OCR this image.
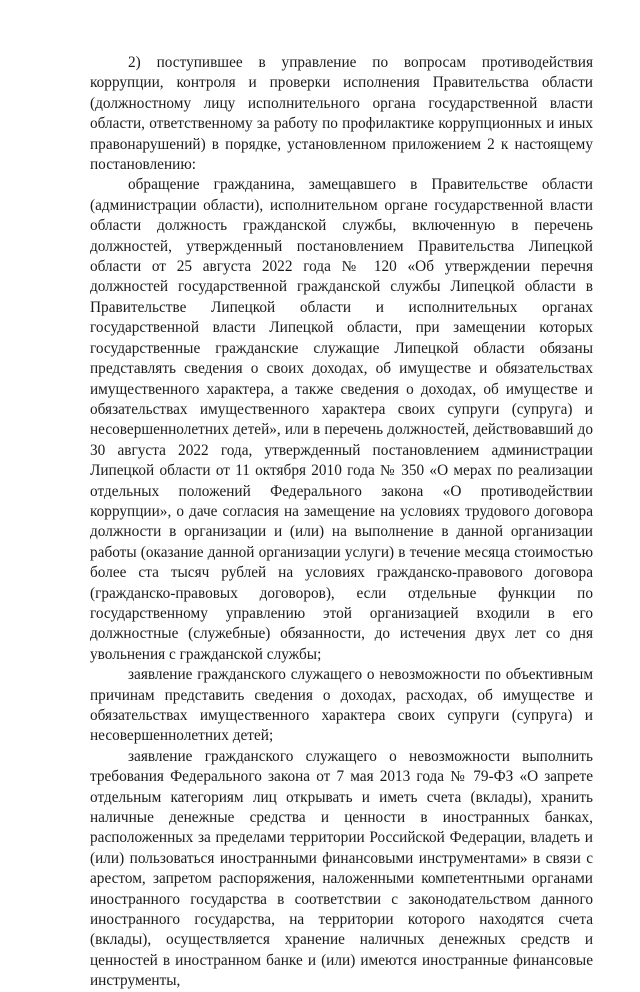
2) поступившее в управление по вопросам противодействия коррупции, контроля и проверки исполнения Правительства области (должностному лицу исполнительного органа государственной власти области, ответственному за работу по профилактике коррупционных и иных правонарушений) в порядке, установленном приложением 2 к настоящему постановлению:

обращение гражданина, замещавшего в Правительстве области (администрации области), исполнительном органе государственной власти области должность гражданской службы, включенную в перечень должностей, утвержденный постановлением Правительства Липецкой области от 25 августа 2022 года № 120 «Об утверждении перечня должностей государственной гражданской службы Липецкой области в Правительстве Липецкой области и исполнительных органах государственной власти Липецкой области, при замещении которых государственные гражданские служащие Липецкой области обязаны представлять сведения о своих доходах, об имуществе и обязательствах имущественного характера, а также сведения о доходах, об имуществе и обязательствах имущественного характера своих супруги (супруга) и несовершеннолетних детей», или в перечень должностей, действовавший до 30 августа 2022 года, утвержденный постановлением администрации Липецкой области от 11 октября 2010 года № 350 «О мерах по реализации отдельных положений Федерального закона «О противодействии коррупции», о даче согласия на замещение на условиях трудового договора должности в организации и (или) на выполнение в данной организации работы (оказание данной организации услуги) в течение месяца стоимостью более ста тысяч рублей на условиях гражданско-правового договора (гражданско-правовых договоров), если отдельные функции по государственному управлению этой организацией входили в его должностные (служебные) обязанности, до истечения двух лет со дня увольнения с гражданской службы;

заявление гражданского служащего о невозможности по объективным причинам представить сведения о доходах, расходах, об имуществе и обязательствах имущественного характера своих супруги (супруга) и несовершеннолетних детей;

заявление гражданского служащего о невозможности выполнить требования Федерального закона от 7 мая 2013 года № 79-ФЗ «О запрете отдельным категориям лиц открывать и иметь счета (вклады), хранить наличные денежные средства и ценности в иностранных банках, расположенных за пределами территории Российской Федерации, владеть и (или) пользоваться иностранными финансовыми инструментами» в связи с арестом, запретом распоряжения, наложенными компетентными органами иностранного государства в соответствии с законодательством данного иностранного государства, на территории которого находятся счета (вклады), осуществляется хранение наличных денежных средств и ценностей в иностранном банке и (или) имеются иностранные финансовые инструменты,
